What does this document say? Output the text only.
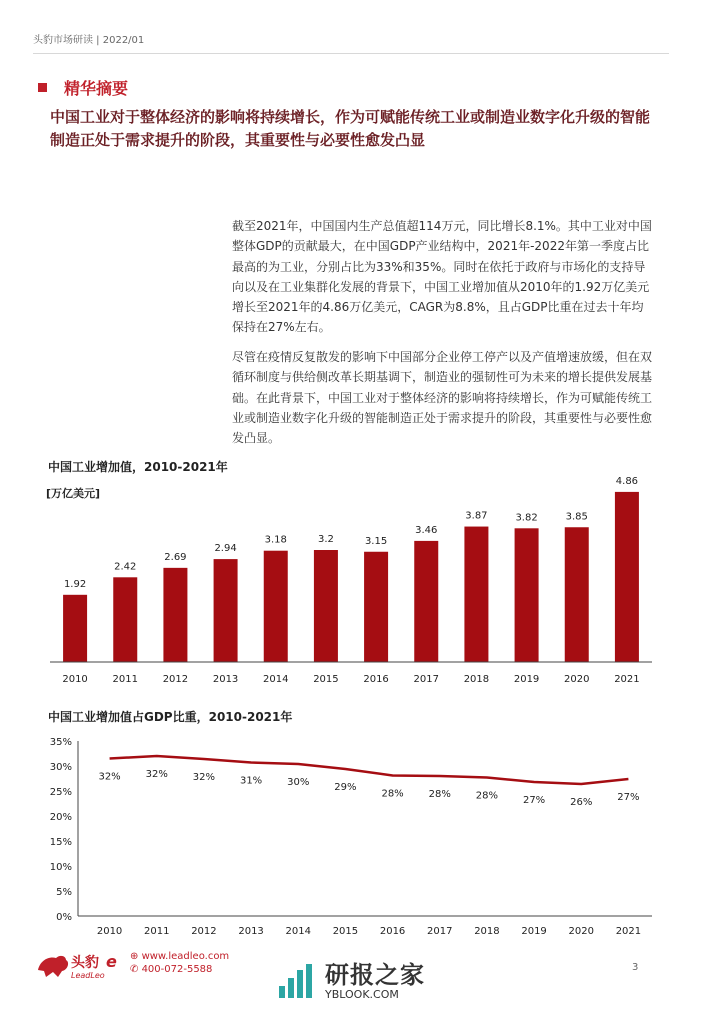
头豹市场研读 | 2022/01
精华摘要
中国工业对于整体经济的影响将持续增长，作为可赋能传统工业或制造业数字化升级的智能制造正处于需求提升的阶段，其重要性与必要性愈发凸显

截至2021年，中国国内生产总值超114万元，同比增长8.1%。其中工业对中国整体GDP的贡献最大，在中国GDP产业结构中，2021年-2022年第一季度占比最高的为工业，分别占比为33%和35%。同时在依托于政府与市场化的支持导向以及在工业集群化发展的背景下，中国工业增加值从2010年的1.92万亿美元增长至2021年的4.86万亿美元，CAGR为8.8%，且占GDP比重在过去十年均保持在27%左右。

尽管在疫情反复散发的影响下中国部分企业停工停产以及产值增速放缓，但在双循环制度与供给侧改革长期基调下，制造业的强韧性可为未来的增长提供发展基础。在此背景下，中国工业对于整体经济的影响将持续增长，作为可赋能传统工业或制造业数字化升级的智能制造正处于需求提升的阶段，其重要性与必要性愈发凸显。

中国工业增加值，2010-2021年
[万亿美元]
1.92
2010
2.42
2011
2.69
2012
2.94
2013
3.18
2014
3.2
2015
3.15
2016
3.46
2017
3.87
2018
3.82
2019
3.85
2020
4.86
2021
中国工业增加值占GDP比重，2010-2021年
0%
5%
10%
15%
20%
25%
30%
35%
32%
2010
32%
2011
32%
2012
31%
2013
30%
2014
29%
2015
28%
2016
28%
2017
28%
2018
27%
2019
26%
2020
27%
2021
头豹
LeadLeo
e ⊕ www.leadleo.com
✆ 400-072-5588	研报之家
YBLOOK.COM
3
